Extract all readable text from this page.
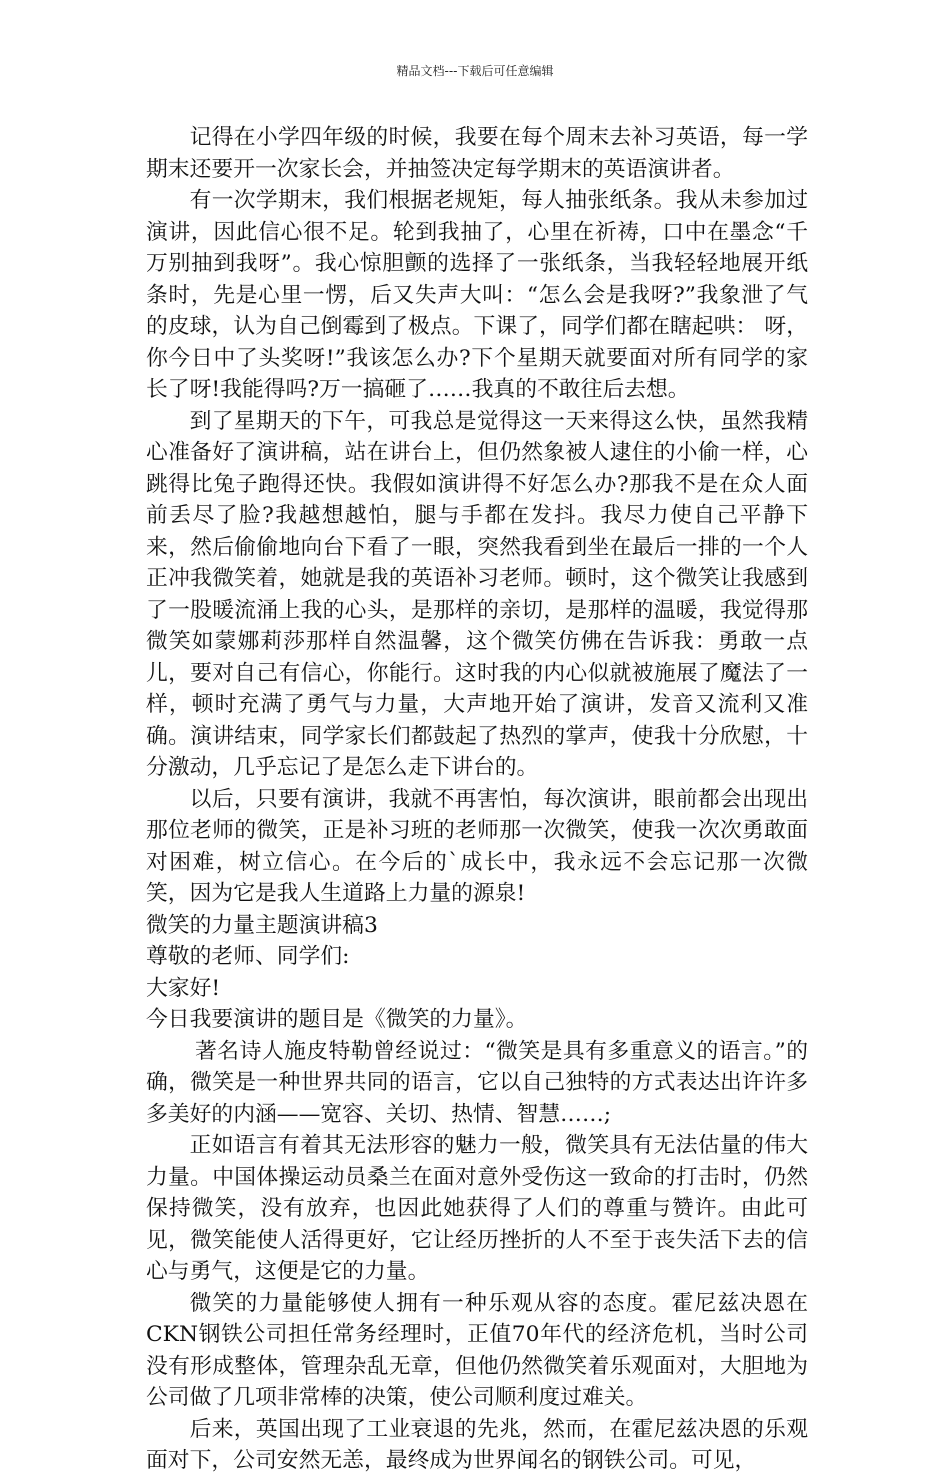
精品文档---下载后可任意编辑

记得在小学四年级的时候，我要在每个周末去补习英语，每一学期末还要开一次家长会，并抽签决定每学期末的英语演讲者。

有一次学期末，我们根据老规矩，每人抽张纸条。我从未参加过演讲，因此信心很不足。轮到我抽了，心里在祈祷，口中在墨念“千万别抽到我呀”。我心惊胆颤的选择了一张纸条，当我轻轻地展开纸条时，先是心里一愣，后又失声大叫：“怎么会是我呀?”我象泄了气的皮球，认为自己倒霉到了极点。下课了，同学们都在瞎起哄： 呀，你今日中了头奖呀!”我该怎么办?下个星期天就要面对所有同学的家长了呀!我能得吗?万一搞砸了……我真的不敢往后去想。

到了星期天的下午，可我总是觉得这一天来得这么快，虽然我精心准备好了演讲稿，站在讲台上，但仍然象被人逮住的小偷一样，心跳得比兔子跑得还快。我假如演讲得不好怎么办?那我不是在众人面前丢尽了脸?我越想越怕，腿与手都在发抖。我尽力使自己平静下来，然后偷偷地向台下看了一眼，突然我看到坐在最后一排的一个人正冲我微笑着，她就是我的英语补习老师。顿时，这个微笑让我感到了一股暖流涌上我的心头，是那样的亲切，是那样的温暖，我觉得那微笑如蒙娜莉莎那样自然温馨，这个微笑仿佛在告诉我：勇敢一点儿，要对自己有信心，你能行。这时我的内心似就被施展了魔法了一样，顿时充满了勇气与力量，大声地开始了演讲，发音又流利又准确。演讲结束，同学家长们都鼓起了热烈的掌声，使我十分欣慰，十分激动，几乎忘记了是怎么走下讲台的。

以后，只要有演讲，我就不再害怕，每次演讲，眼前都会出现出那位老师的微笑，正是补习班的老师那一次微笑，使我一次次勇敢面对困难，树立信心。在今后的`成长中，我永远不会忘记那一次微笑，因为它是我人生道路上力量的源泉!

微笑的力量主题演讲稿3

尊敬的老师、同学们:

大家好!

今日我要演讲的题目是《微笑的力量》。

著名诗人施皮特勒曾经说过：“微笑是具有多重意义的语言。”的确，微笑是一种世界共同的语言，它以自己独特的方式表达出许许多多美好的内涵——宽容、关切、热情、智慧……;

正如语言有着其无法形容的魅力一般，微笑具有无法估量的伟大力量。中国体操运动员桑兰在面对意外受伤这一致命的打击时，仍然保持微笑，没有放弃，也因此她获得了人们的尊重与赞许。由此可见，微笑能使人活得更好，它让经历挫折的人不至于丧失活下去的信心与勇气，这便是它的力量。

微笑的力量能够使人拥有一种乐观从容的态度。霍尼兹决恩在CKN钢铁公司担任常务经理时，正值70年代的经济危机，当时公司没有形成整体，管理杂乱无章，但他仍然微笑着乐观面对，大胆地为公司做了几项非常棒的决策，使公司顺利度过难关。

后来，英国出现了工业衰退的先兆，然而，在霍尼兹决恩的乐观面对下，公司安然无恙，最终成为世界闻名的钢铁公司。可见，
